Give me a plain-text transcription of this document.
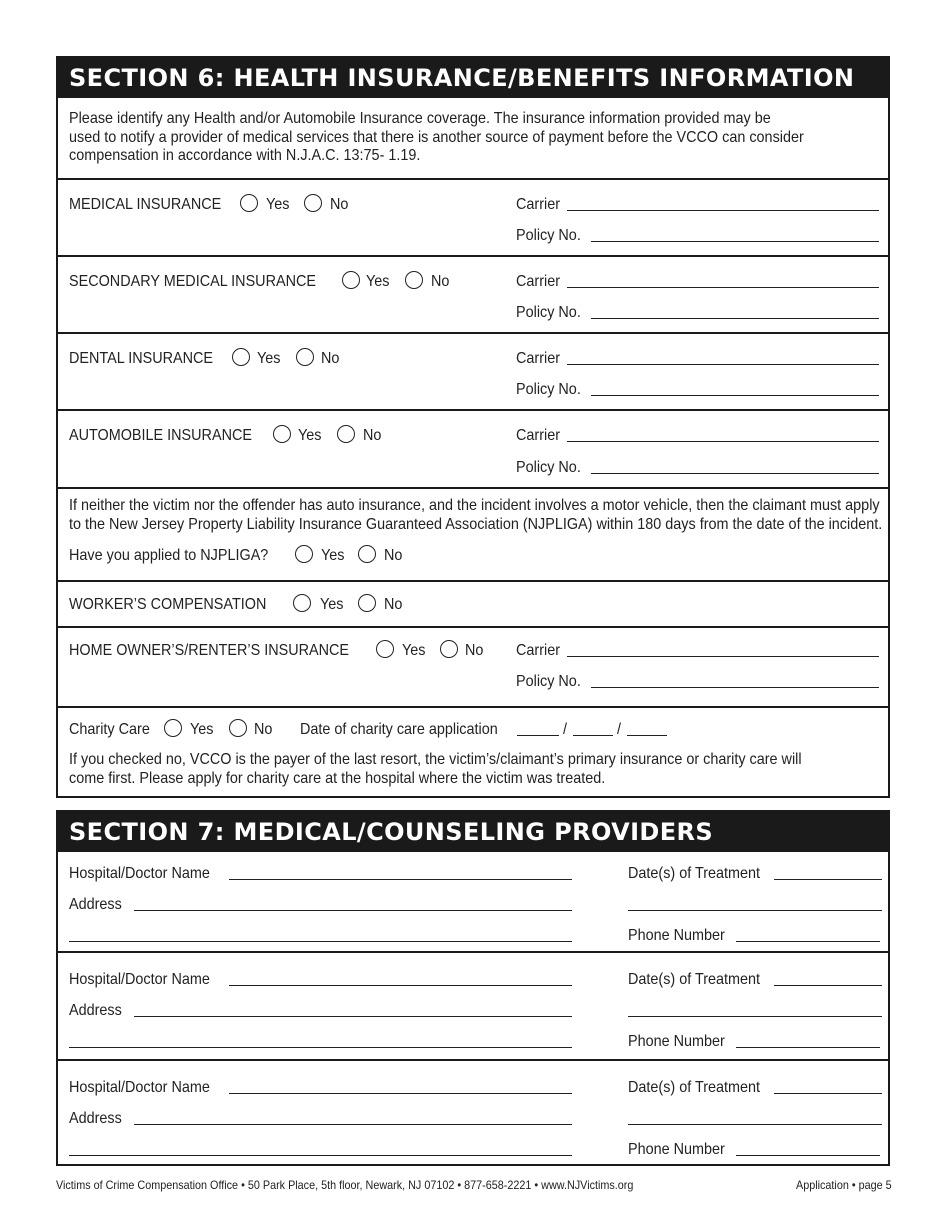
SECTION 6: HEALTH INSURANCE/BENEFITS INFORMATION
Please identify any Health and/or Automobile Insurance coverage. The insurance information provided may be
used to notify a provider of medical services that there is another source of payment before the VCCO can consider
compensation in accordance with N.J.A.C. 13:75- 1.19.
MEDICAL INSURANCE	Yes	No	Carrier
Policy No.
SECONDARY MEDICAL INSURANCE	Yes	No	Carrier
Policy No.
DENTAL INSURANCE	Yes	No	Carrier
Policy No.
AUTOMOBILE INSURANCE	Yes	No	Carrier
Policy No.
If neither the victim nor the offender has auto insurance, and the incident involves a motor vehicle, then the claimant must apply
to the New Jersey Property Liability Insurance Guaranteed Association (NJPLIGA) within 180 days from the date of the incident.
Have you applied to NJPLIGA?	Yes No
WORKER’S COMPENSATION	Yes	No
HOME OWNER’S/RENTER’S INSURANCE	Yes No Carrier
Policy No.
Charity Care	Yes	No Date of charity care application	/	/
If you checked no, VCCO is the payer of the last resort, the victim’s/claimant’s primary insurance or charity care will
come first. Please apply for charity care at the hospital where the victim was treated.
SECTION 7: MEDICAL/COUNSELING PROVIDERS
Hospital/Doctor Name
Address
Date(s) of Treatment
Phone Number
Hospital/Doctor Name
Address
Date(s) of Treatment
Phone Number
Hospital/Doctor Name
Address
Date(s) of Treatment
Phone Number
Victims of Crime Compensation Office • 50 Park Place, 5th floor, Newark, NJ 07102 • 877-658-2221 • www.NJVictims.org	Application • page 5
